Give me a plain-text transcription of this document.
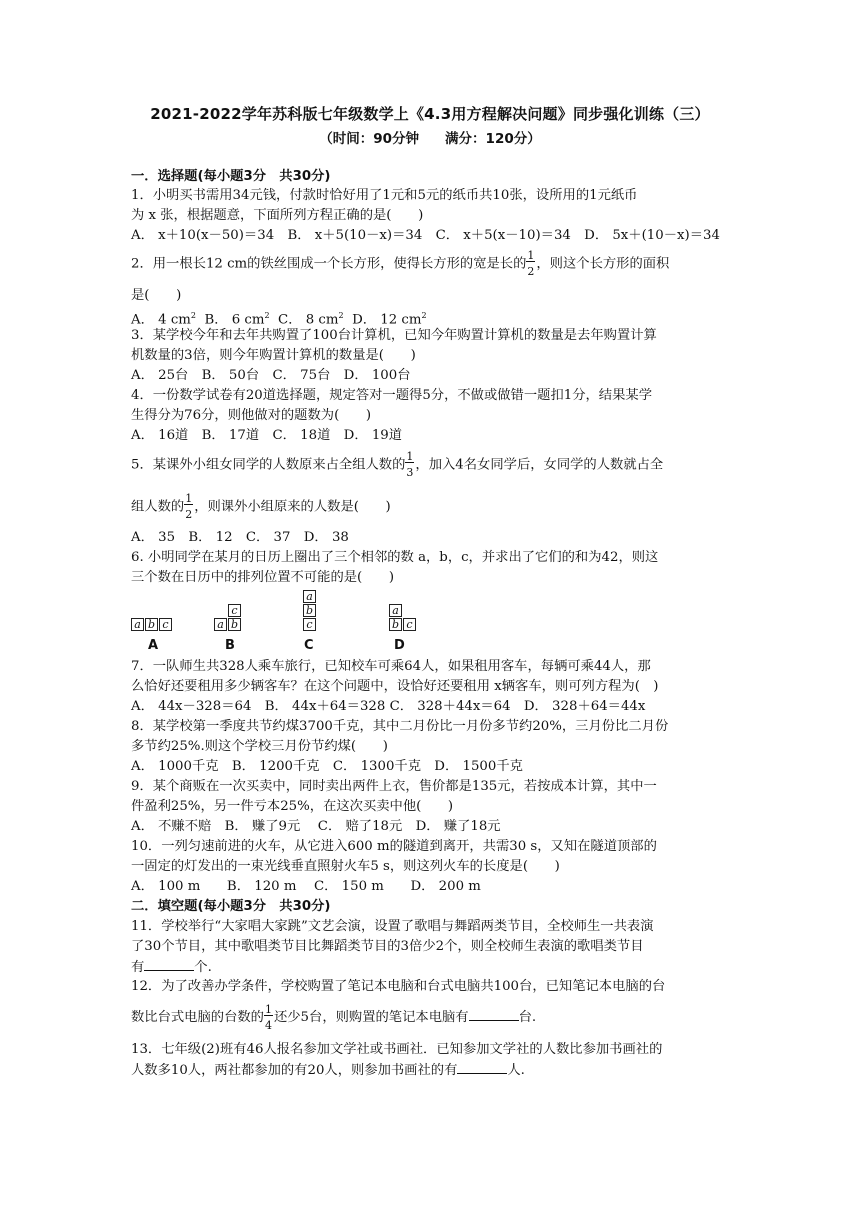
2021-2022学年苏科版七年级数学上《4.3用方程解决问题》同步强化训练（三）
（时间：90分钟 满分：120分）
一．选择题(每小题3分　共30分)
1．小明买书需用34元钱，付款时恰好用了1元和5元的纸币共10张，设所用的1元纸币
为 x 张，根据题意，下面所列方程正确的是(　　)
A． x＋10(x－50)＝34　B． x＋5(10－x)＝34　C． x＋5(x－10)＝34　D． 5x＋(10－x)＝34
2．用一根长12 cm的铁丝围成一个长方形，使得长方形的宽是长的 $\frac{1}{2}$ ，则这个长方形的面积
是(　　)
A． 4 $cm^2$ B． 6 $cm^2$ C． 8 $cm^2$ D． 12 $cm^2$
3．某学校今年和去年共购置了100台计算机，已知今年购置计算机的数量是去年购置计算
机数量的3倍，则今年购置计算机的数量是(　　)
A． 25台　B． 50台　C． 75台　D． 100台
4．一份数学试卷有20道选择题，规定答对一题得5分，不做或做错一题扣1分，结果某学
生得分为76分，则他做对的题数为(　　)
A． 16道　B． 17道　C． 18道　D． 19道
5．某课外小组女同学的人数原来占全组人数的 $\frac{1}{3}$ ，加入4名女同学后，女同学的人数就占全
组人数的 $\frac{1}{2}$ ，则课外小组原来的人数是(　　)
A． 35　B． 12　C． 37　D． 38
6. 小明同学在某月的日历上圈出了三个相邻的数 a，b，c，并求出了它们的和为42，则这
三个数在日历中的排列位置不可能的是(　　)
a b c
A
c
a b
B
a
b
c
C
a
b c
D
7．一队师生共328人乘车旅行，已知校车可乘64人，如果租用客车，每辆可乘44人，那
么恰好还要租用多少辆客车？在这个问题中，设恰好还要租用 x辆客车，则可列方程为(　)
A． 44x－328＝64　B． 44x＋64＝328 C． 328＋44x＝64　D． 328＋64＝44x
8．某学校第一季度共节约煤3700千克，其中二月份比一月份多节约20%，三月份比二月份
多节约25%.则这个学校三月份节约煤(　　)
A． 1000千克　B． 1200千克　C． 1300千克　D． 1500千克
9．某个商贩在一次买卖中，同时卖出两件上衣，售价都是135元，若按成本计算，其中一
件盈利25%，另一件亏本25%，在这次买卖中他(　　)
A． 不赚不赔　B． 赚了9元　 C． 赔了18元　D． 赚了18元
10．一列匀速前进的火车，从它进入600 m的隧道到离开，共需30 s，又知在隧道顶部的
一固定的灯发出的一束光线垂直照射火车5 s，则这列火车的长度是(　　)
A． 100 m　　B． 120 m　 C． 150 m　　D． 200 m
二．填空题(每小题3分　共30分)
11．学校举行“大家唱大家跳”文艺会演，设置了歌唱与舞蹈两类节目，全校师生一共表演
了30个节目，其中歌唱类节目比舞蹈类节目的3倍少2个，则全校师生表演的歌唱类节目
有	个.
12．为了改善办学条件，学校购置了笔记本电脑和台式电脑共100台，已知笔记本电脑的台
数比台式电脑的台数的 $\frac{1}{4}$ 还少5台，则购置的笔记本电脑有	台.
13．七年级(2)班有46人报名参加文学社或书画社．已知参加文学社的人数比参加书画社的
人数多10人，两社都参加的有20人，则参加书画社的有	人.
